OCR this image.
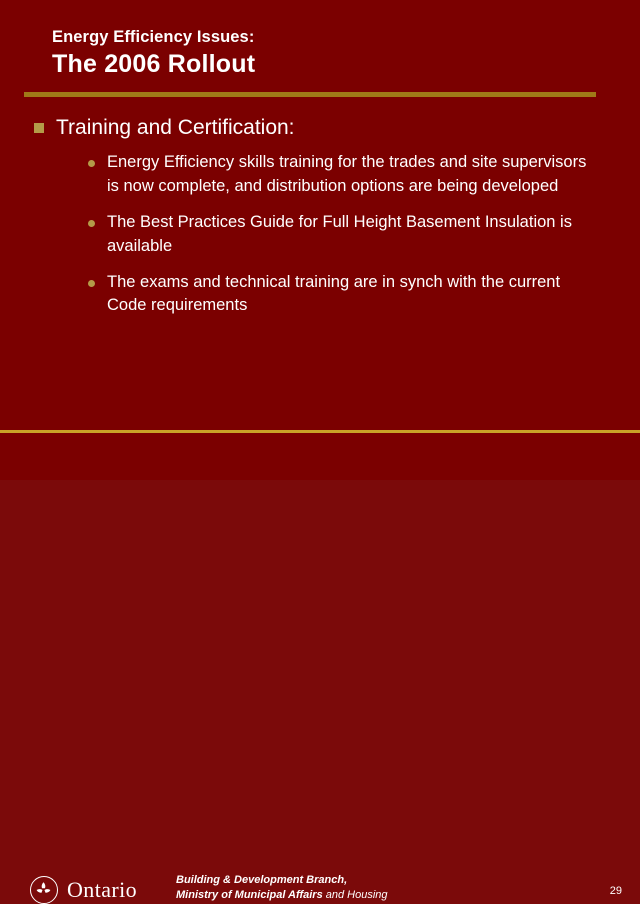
Energy Efficiency Issues:
The 2006 Rollout
Training and Certification:
Energy Efficiency skills training for the trades and site supervisors is now complete, and distribution options are being developed
The Best Practices Guide for Full Height Basement Insulation is available
The exams and technical training are in synch with the current Code requirements
Ontario	Building & Development Branch,
Ministry of Municipal Affairs and Housing	29
